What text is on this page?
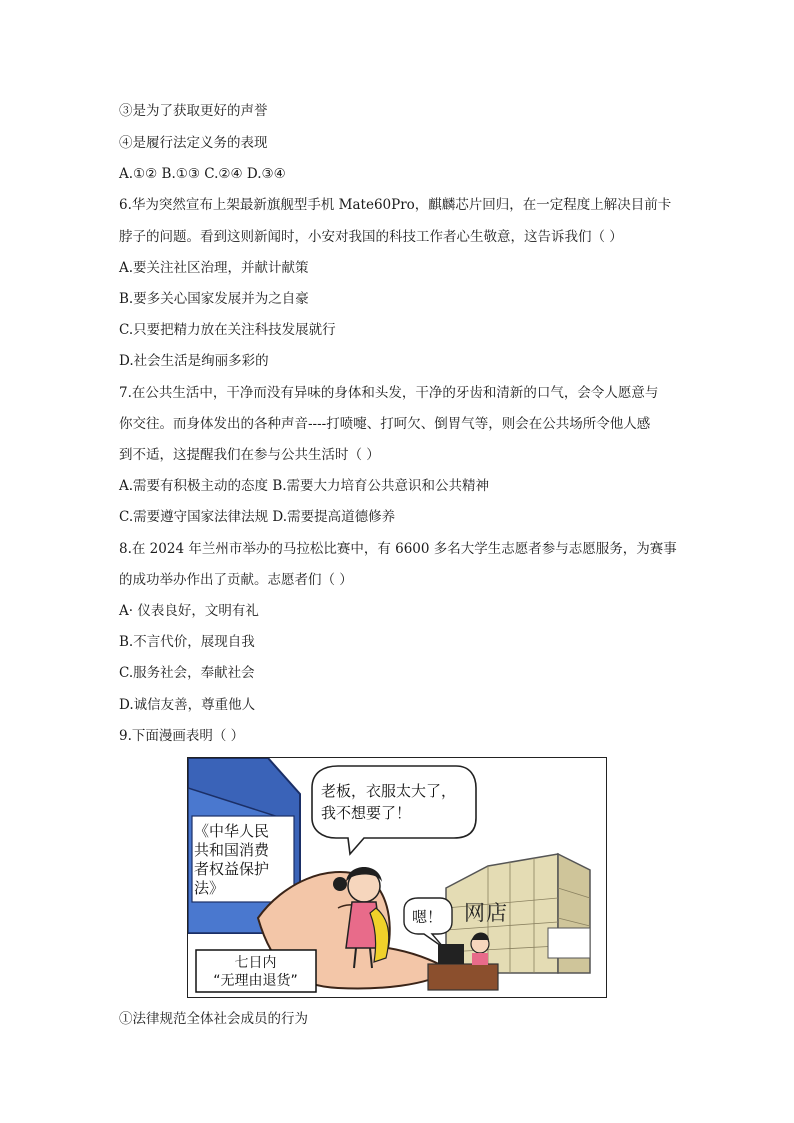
③是为了获取更好的声誉
④是履行法定义务的表现
A.①② B.①③ C.②④ D.③④
6.华为突然宣布上架最新旗舰型手机 Mate60Pro，麒麟芯片回归，在一定程度上解决目前卡
脖子的问题。看到这则新闻时，小安对我国的科技工作者心生敬意，这告诉我们（ ）
A.要关注社区治理，并献计献策
B.要多关心国家发展并为之自豪
C.只要把精力放在关注科技发展就行
D.社会生活是绚丽多彩的
7.在公共生活中，干净而没有异味的身体和头发，干净的牙齿和清新的口气，会令人愿意与
你交往。而身体发出的各种声音----打喷嚏、打呵欠、倒胃气等，则会在公共场所令他人感
到不适，这提醒我们在参与公共生活时（ ）
A.需要有积极主动的态度 B.需要大力培育公共意识和公共精神
C.需要遵守国家法律法规 D.需要提高道德修养
8.在 2024 年兰州市举办的马拉松比赛中，有 6600 多名大学生志愿者参与志愿服务，为赛事
的成功举办作出了贡献。志愿者们（ ）
A· 仪表良好，文明有礼
B.不言代价，展现自我
C.服务社会，奉献社会
D.诚信友善，尊重他人
9.下面漫画表明（ ）
①法律规范全体社会成员的行为
《中华人民
共和国消费
者权益保护
法》
七日内
“无理由退货”
老板，衣服太大了，
我不想要了！
嗯！ 网店
